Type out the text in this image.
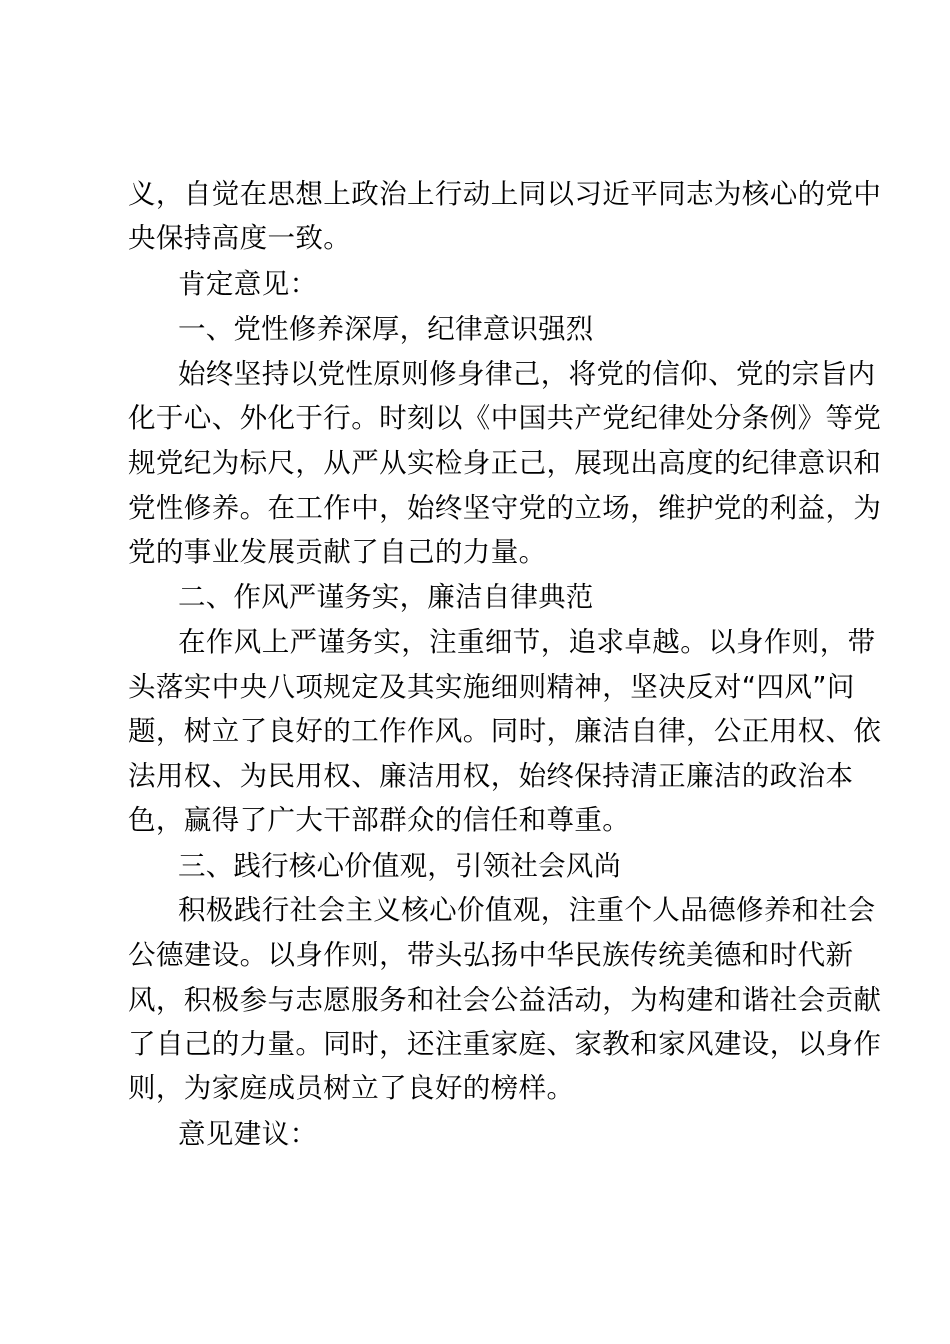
义，自觉在思想上政治上行动上同以习近平同志为核心的党中
央保持高度一致。
肯定意见：
一、党性修养深厚，纪律意识强烈
始终坚持以党性原则修身律己，将党的信仰、党的宗旨内
化于心、外化于行。时刻以《中国共产党纪律处分条例》等党
规党纪为标尺，从严从实检身正己，展现出高度的纪律意识和
党性修养。在工作中，始终坚守党的立场，维护党的利益，为
党的事业发展贡献了自己的力量。
二、作风严谨务实，廉洁自律典范
在作风上严谨务实，注重细节，追求卓越。以身作则，带
头落实中央八项规定及其实施细则精神，坚决反对“四风”问
题，树立了良好的工作作风。同时，廉洁自律，公正用权、依
法用权、为民用权、廉洁用权，始终保持清正廉洁的政治本
色，赢得了广大干部群众的信任和尊重。
三、践行核心价值观，引领社会风尚
积极践行社会主义核心价值观，注重个人品德修养和社会
公德建设。以身作则，带头弘扬中华民族传统美德和时代新
风，积极参与志愿服务和社会公益活动，为构建和谐社会贡献
了自己的力量。同时，还注重家庭、家教和家风建设，以身作
则，为家庭成员树立了良好的榜样。
意见建议：
